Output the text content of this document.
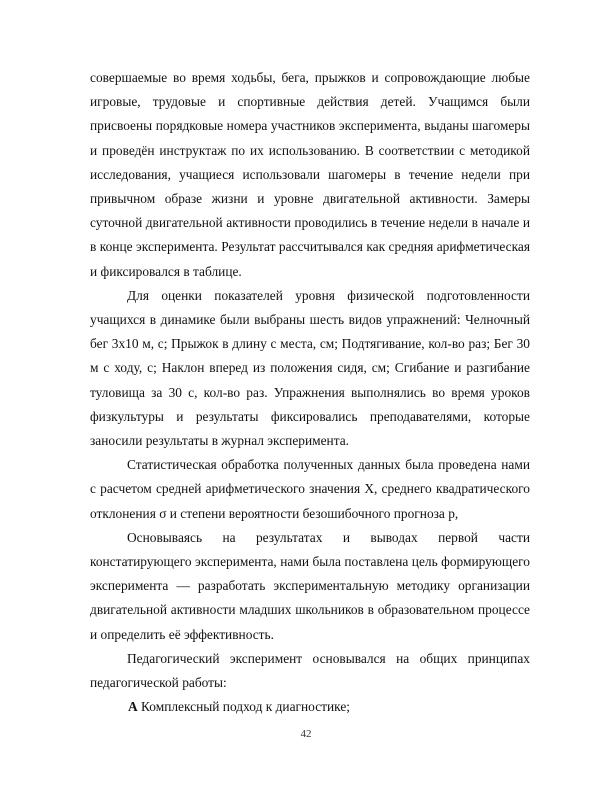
совершаемые во время ходьбы, бега, прыжков и сопровождающие любые игровые, трудовые и спортивные действия детей. Учащимся были присвоены порядковые номера участников эксперимента, выданы шагомеры и проведён инструктаж по их использованию. В соответствии с методикой исследования, учащиеся использовали шагомеры в течение недели при привычном образе жизни и уровне двигательной активности. Замеры суточной двигательной активности проводились в течение недели в начале и в конце эксперимента. Результат рассчитывался как средняя арифметическая и фиксировался в таблице.

Для оценки показателей уровня физической подготовленности учащихся в динамике были выбраны шесть видов упражнений: Челночный бег 3х10 м, с; Прыжок в длину с места, см; Подтягивание, кол-во раз; Бег 30 м с ходу, с; Наклон вперед из положения сидя, см; Сгибание и разгибание туловища за 30 с, кол-во раз. Упражнения выполнялись во время уроков физкультуры и результаты фиксировались преподавателями, которые заносили результаты в журнал эксперимента.

Статистическая обработка полученных данных была проведена нами с расчетом средней арифметического значения Х, среднего квадратического отклонения σ и степени вероятности безошибочного прогноза p,

Основываясь на результатах и выводах первой части констатирующего эксперимента, нами была поставлена цель формирующего эксперимента — разработать экспериментальную методику организации двигательной активности младших школьников в образовательном процессе и определить её эффективность.

Педагогический эксперимент основывался на общих принципах педагогической работы:

А Комплексный подход к диагностике;

42
